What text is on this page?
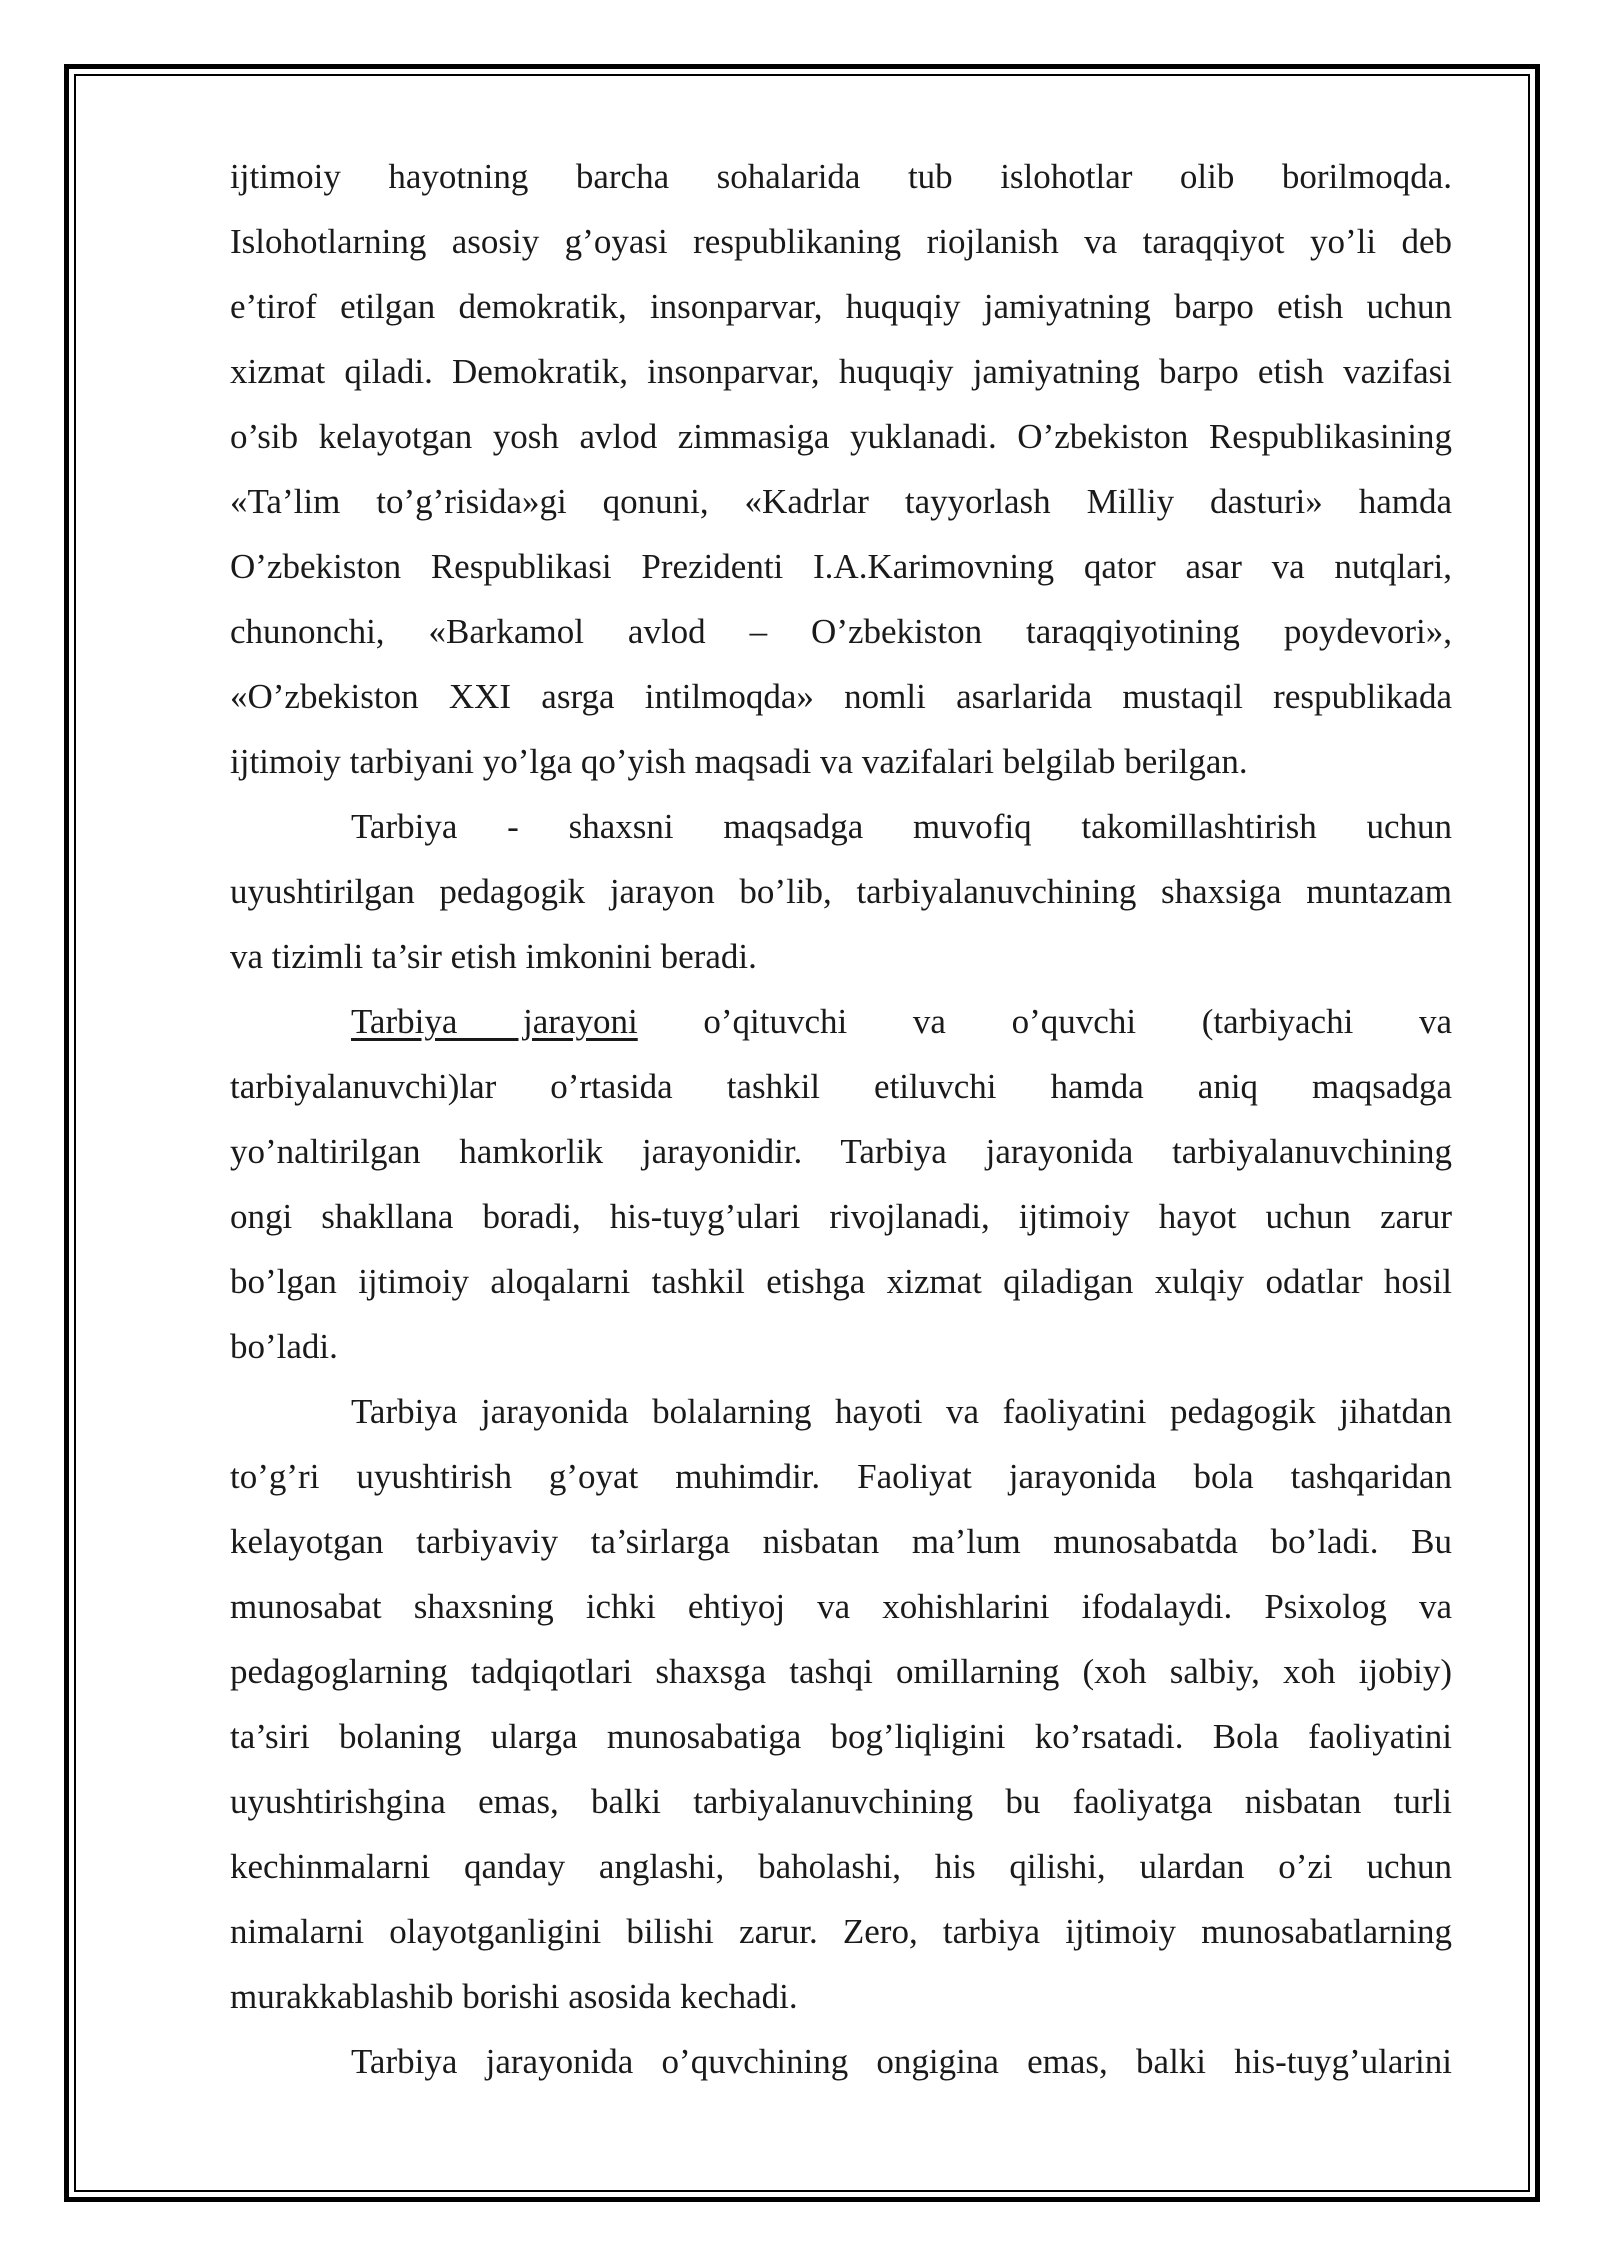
ijtimoiy hayotning barcha sohalarida tub islohotlar olib borilmoqda.
Islohotlarning asosiy g’oyasi respublikaning riojlanish va taraqqiyot yo’li deb
e’tirof etilgan demokratik, insonparvar, huquqiy jamiyatning barpo etish uchun
xizmat qiladi. Demokratik, insonparvar, huquqiy jamiyatning barpo etish vazifasi
o’sib kelayotgan yosh avlod zimmasiga yuklanadi. O’zbekiston Respublikasining
«Ta’lim to’g’risida»gi qonuni, «Kadrlar tayyorlash Milliy dasturi» hamda
O’zbekiston Respublikasi Prezidenti I.A.Karimovning qator asar va nutqlari,
chunonchi, «Barkamol avlod – O’zbekiston taraqqiyotining poydevori»,
«O’zbekiston XXI asrga intilmoqda» nomli asarlarida mustaqil respublikada
ijtimoiy tarbiyani yo’lga qo’yish maqsadi va vazifalari belgilab berilgan.
Tarbiya - shaxsni maqsadga muvofiq takomillashtirish uchun
uyushtirilgan pedagogik jarayon bo’lib, tarbiyalanuvchining shaxsiga muntazam
va tizimli ta’sir etish imkonini beradi.
Tarbiya jarayoni o’qituvchi va o’quvchi (tarbiyachi va
tarbiyalanuvchi)lar o’rtasida tashkil etiluvchi hamda aniq maqsadga
yo’naltirilgan hamkorlik jarayonidir. Tarbiya jarayonida tarbiyalanuvchining
ongi shakllana boradi, his-tuyg’ulari rivojlanadi, ijtimoiy hayot uchun zarur
bo’lgan ijtimoiy aloqalarni tashkil etishga xizmat qiladigan xulqiy odatlar hosil
bo’ladi.
Tarbiya jarayonida bolalarning hayoti va faoliyatini pedagogik jihatdan
to’g’ri uyushtirish g’oyat muhimdir. Faoliyat jarayonida bola tashqaridan
kelayotgan tarbiyaviy ta’sirlarga nisbatan ma’lum munosabatda bo’ladi. Bu
munosabat shaxsning ichki ehtiyoj va xohishlarini ifodalaydi. Psixolog va
pedagoglarning tadqiqotlari shaxsga tashqi omillarning (xoh salbiy, xoh ijobiy)
ta’siri bolaning ularga munosabatiga bog’liqligini ko’rsatadi. Bola faoliyatini
uyushtirishgina emas, balki tarbiyalanuvchining bu faoliyatga nisbatan turli
kechinmalarni qanday anglashi, baholashi, his qilishi, ulardan o’zi uchun
nimalarni olayotganligini bilishi zarur. Zero, tarbiya ijtimoiy munosabatlarning
murakkablashib borishi asosida kechadi.
Tarbiya jarayonida o’quvchining ongigina emas, balki his-tuyg’ularini
